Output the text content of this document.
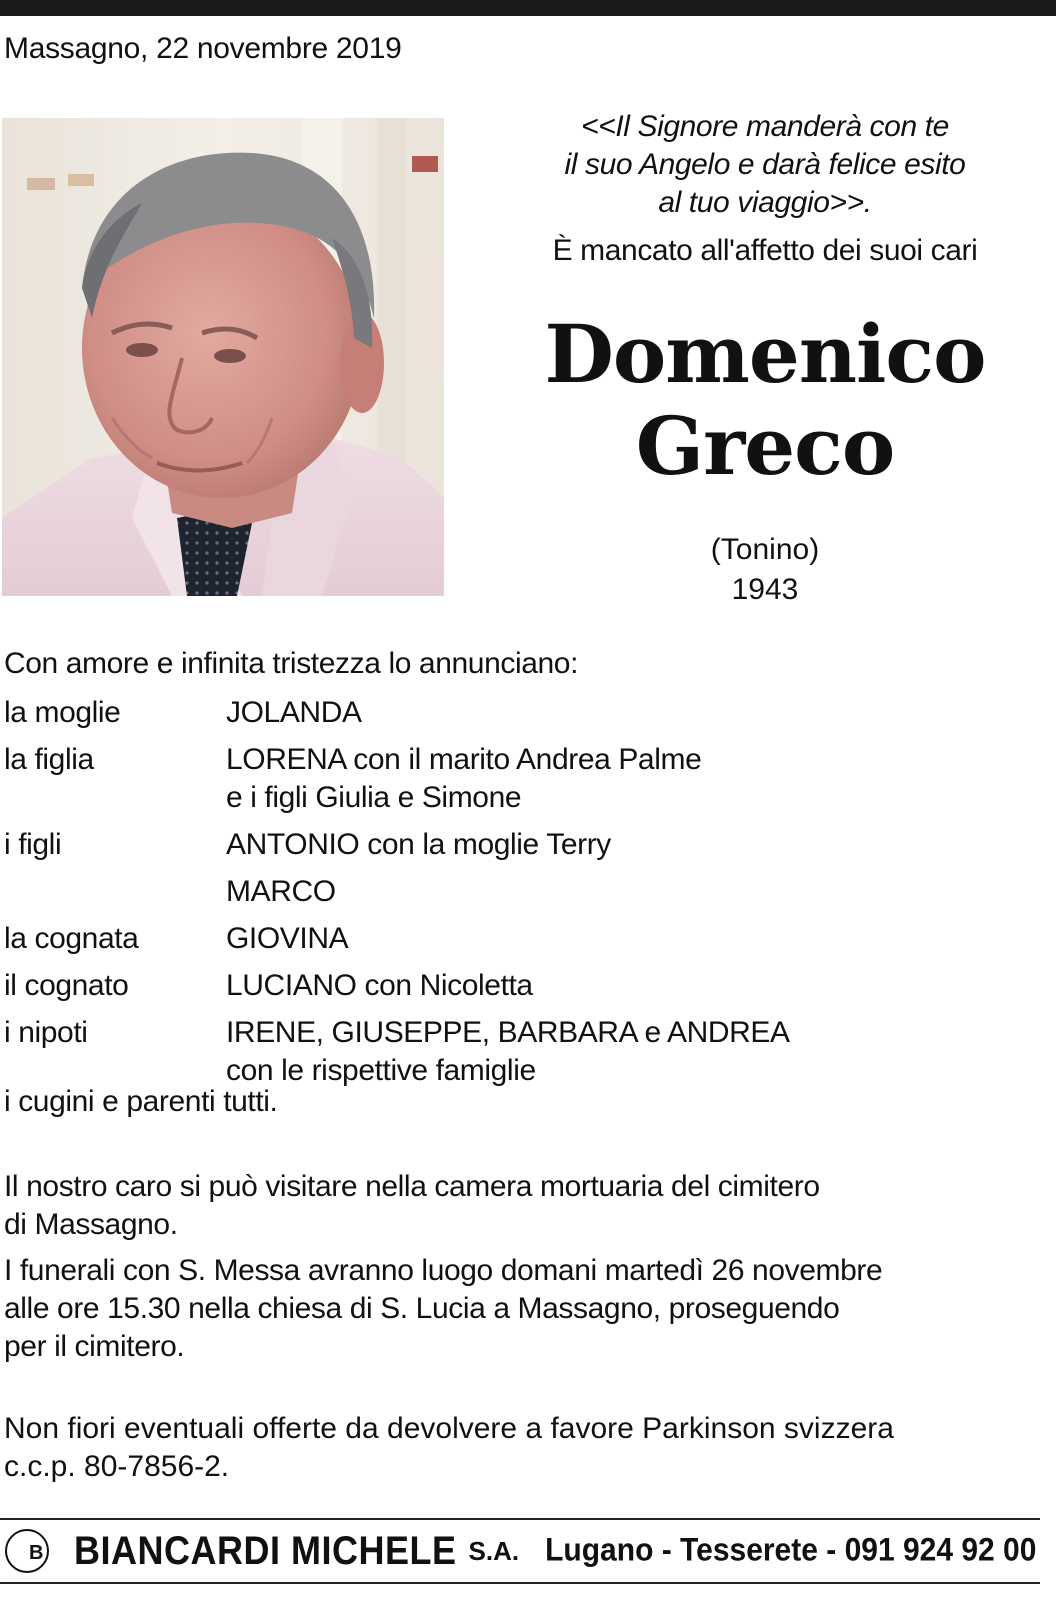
Massagno, 22 novembre 2019
<<Il Signore manderà con te
il suo Angelo e darà felice esito
al tuo viaggio>>.
È mancato all'affetto dei suoi cari
Domenico
Greco
(Tonino)
1943
Con amore e infinita tristezza lo annunciano:
la moglie	JOLANDA
la figlia	LORENA con il marito Andrea Palme
e i figli Giulia e Simone
i figli	ANTONIO con la moglie Terry
MARCO
la cognata	GIOVINA
il cognato	LUCIANO con Nicoletta
i nipoti	IRENE, GIUSEPPE, BARBARA e ANDREA
con le rispettive famiglie
i cugini e parenti tutti.
Il nostro caro si può visitare nella camera mortuaria del cimitero
di Massagno.
I funerali con S. Messa avranno luogo domani martedì 26 novembre
alle ore 15.30 nella chiesa di S. Lucia a Massagno, proseguendo
per il cimitero.
Non fiori eventuali offerte da devolvere a favore Parkinson svizzera
c.c.p. 80-7856-2.
B BIANCARDI MICHELE S.A. Lugano - Tesserete - 091 924 92 00
